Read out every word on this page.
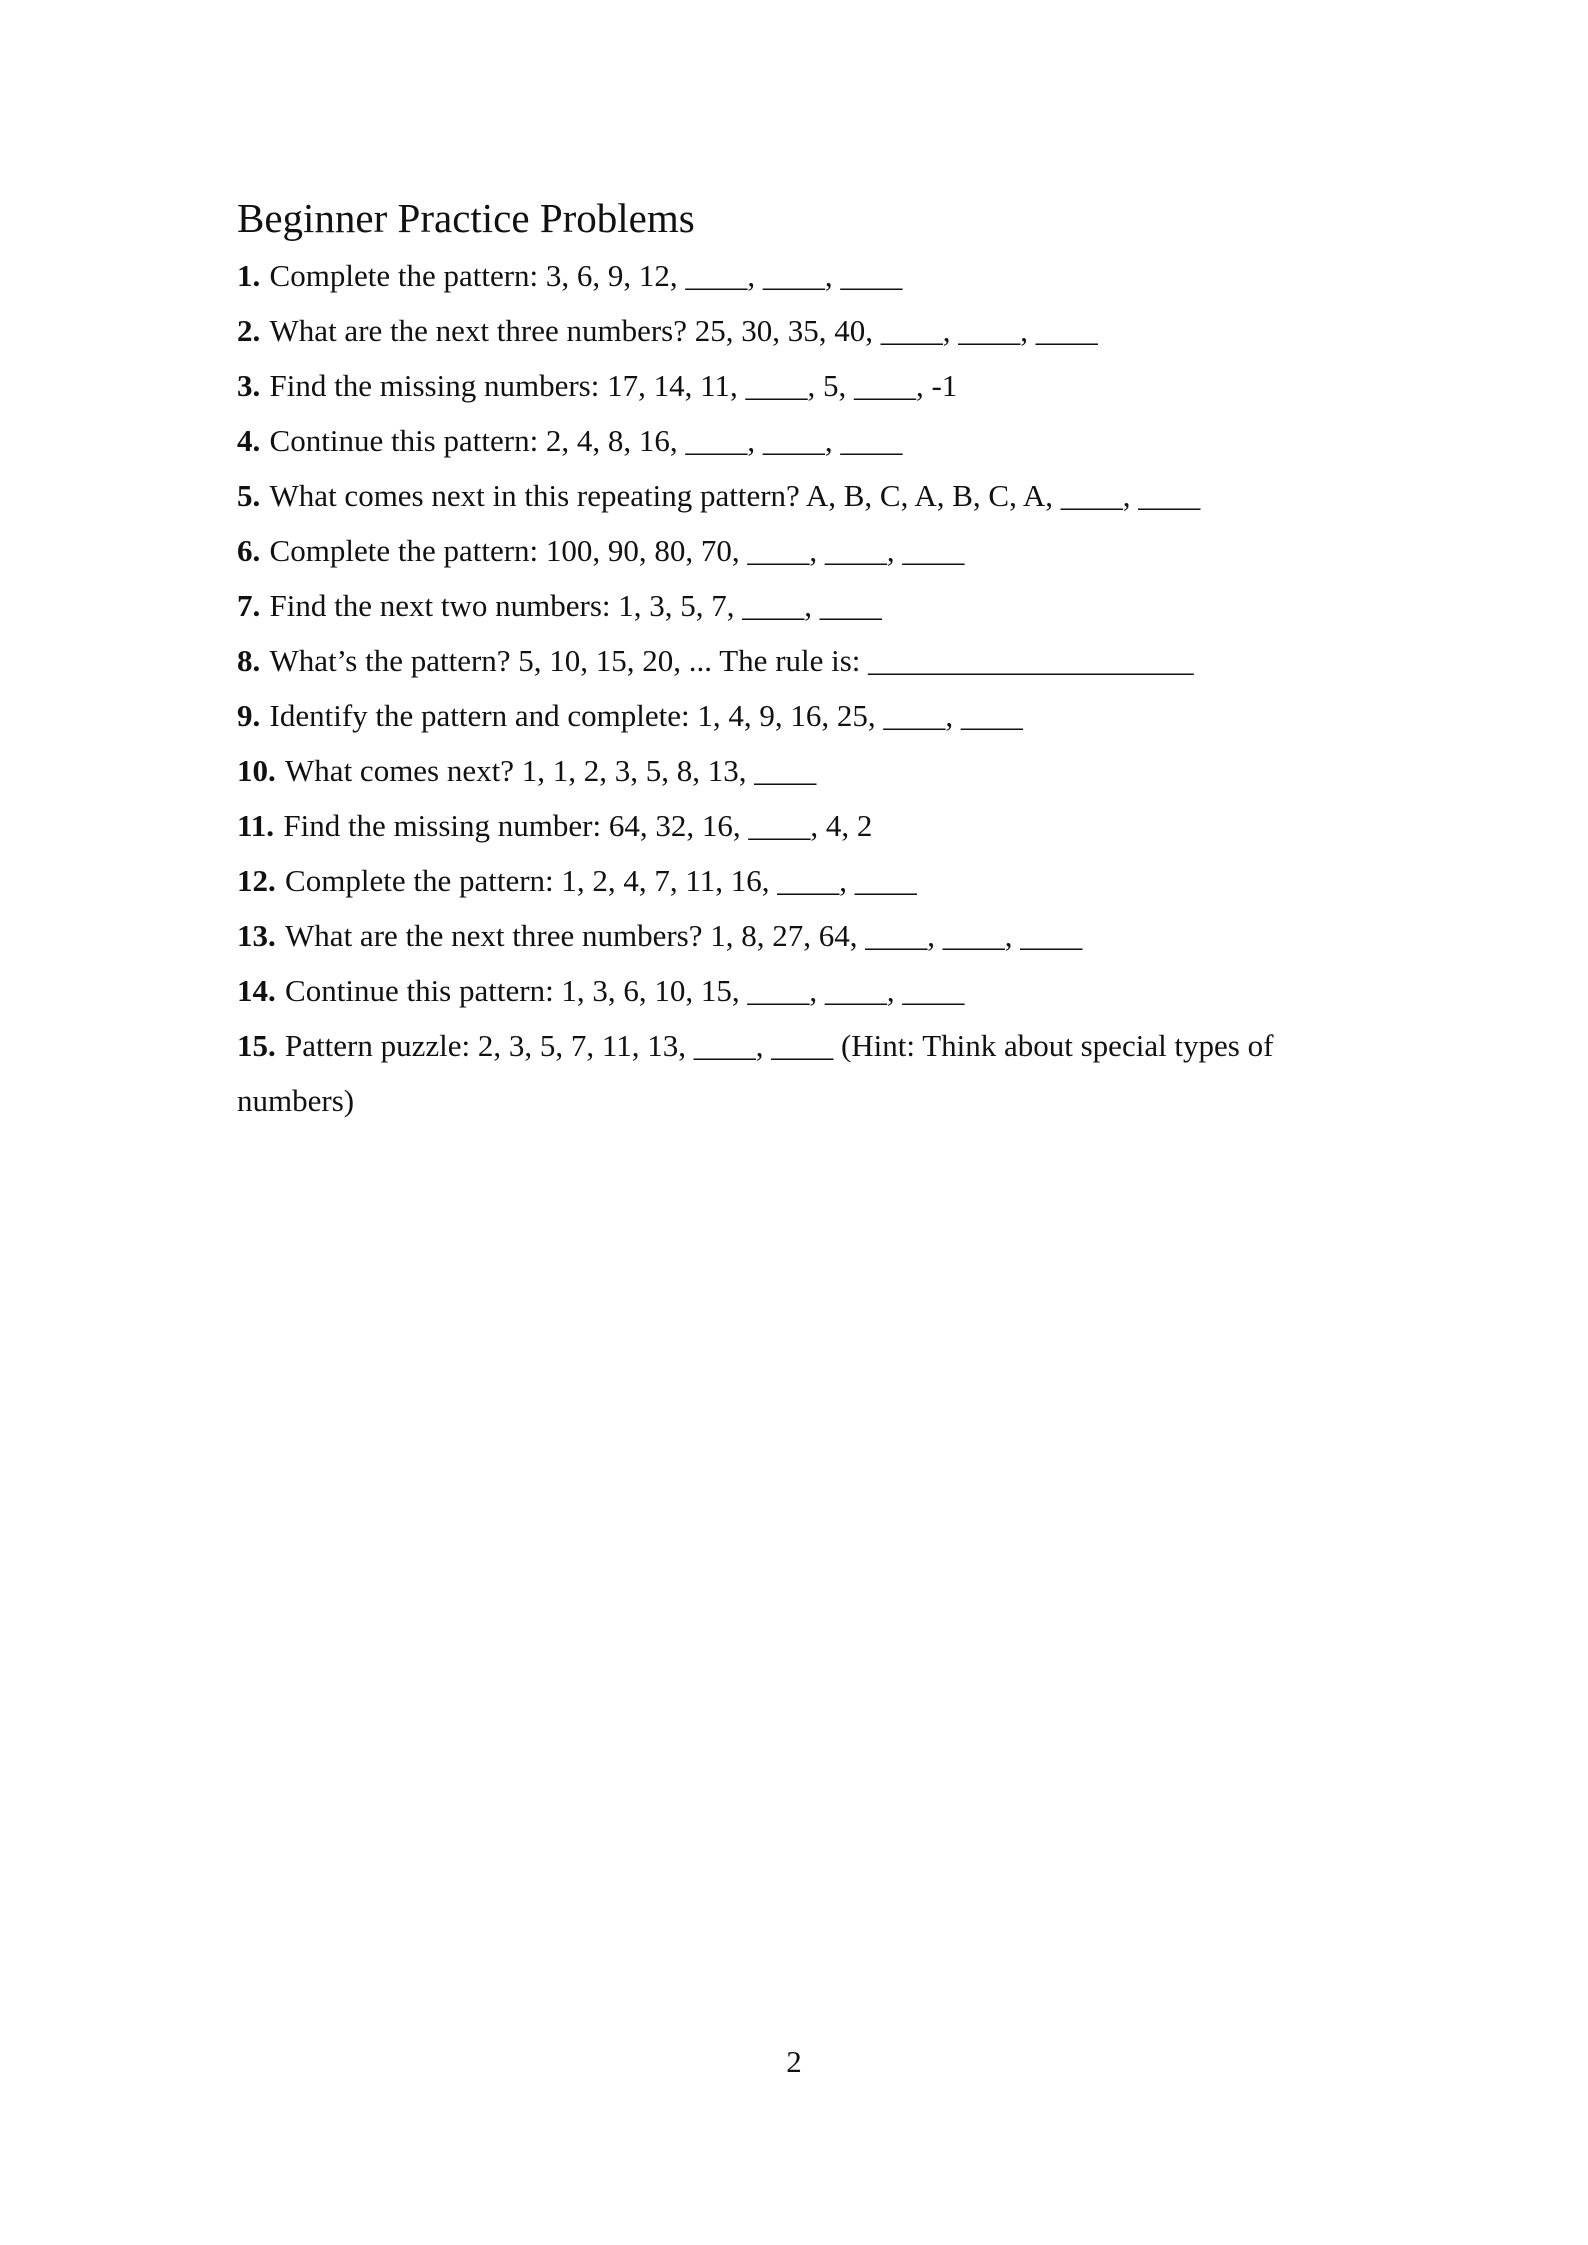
Beginner Practice Problems
1. Complete the pattern: 3, 6, 9, 12, ____, ____, ____
2. What are the next three numbers? 25, 30, 35, 40, ____, ____, ____
3. Find the missing numbers: 17, 14, 11, ____, 5, ____, -1
4. Continue this pattern: 2, 4, 8, 16, ____, ____, ____
5. What comes next in this repeating pattern? A, B, C, A, B, C, A, ____, ____
6. Complete the pattern: 100, 90, 80, 70, ____, ____, ____
7. Find the next two numbers: 1, 3, 5, 7, ____, ____
8. What’s the pattern? 5, 10, 15, 20, ... The rule is: _____________________
9. Identify the pattern and complete: 1, 4, 9, 16, 25, ____, ____
10. What comes next? 1, 1, 2, 3, 5, 8, 13, ____
11. Find the missing number: 64, 32, 16, ____, 4, 2
12. Complete the pattern: 1, 2, 4, 7, 11, 16, ____, ____
13. What are the next three numbers? 1, 8, 27, 64, ____, ____, ____
14. Continue this pattern: 1, 3, 6, 10, 15, ____, ____, ____
15. Pattern puzzle: 2, 3, 5, 7, 11, 13, ____, ____ (Hint: Think about special types of
numbers)
2
